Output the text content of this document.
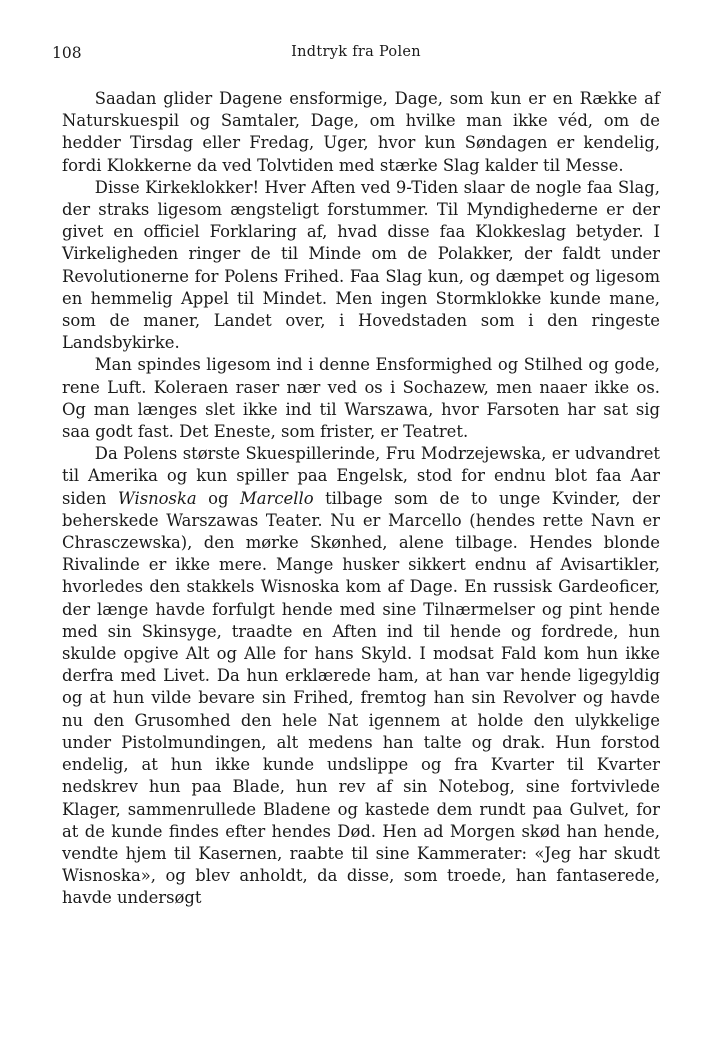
108	Indtryk fra Polen

Saadan glider Dagene ensformige, Dage, som kun er en Række af Naturskuespil og Samtaler, Dage, om hvilke man ikke véd, om de hedder Tirsdag eller Fredag, Uger, hvor kun Søndagen er kendelig, fordi Klokkerne da ved Tolvtiden med stærke Slag kalder til Messe.

Disse Kirkeklokker! Hver Aften ved 9-Tiden slaar de nogle faa Slag, der straks ligesom ængsteligt forstummer. Til Myndighederne er der givet en officiel Forklaring af, hvad disse faa Klokkeslag betyder. I Virkeligheden ringer de til Minde om de Polakker, der faldt under Revolutionerne for Polens Frihed. Faa Slag kun, og dæmpet og ligesom en hemmelig Appel til Mindet. Men ingen Stormklokke kunde mane, som de maner, Landet over, i Hovedstaden som i den ringeste Landsbykirke.

Man spindes ligesom ind i denne Ensformighed og Stilhed og gode, rene Luft. Koleraen raser nær ved os i Sochazew, men naaer ikke os. Og man længes slet ikke ind til Warszawa, hvor Farsoten har sat sig saa godt fast. Det Eneste, som frister, er Teatret.

Da Polens største Skuespillerinde, Fru Modrzejewska, er udvandret til Amerika og kun spiller paa Engelsk, stod for endnu blot faa Aar siden Wisnoska og Marcello tilbage som de to unge Kvinder, der beherskede Warszawas Teater. Nu er Marcello (hendes rette Navn er Chrasczewska), den mørke Skønhed, alene tilbage. Hendes blonde Rivalinde er ikke mere. Mange husker sikkert endnu af Avisartikler, hvorledes den stakkels Wisnoska kom af Dage. En russisk Gardeoficer, der længe havde forfulgt hende med sine Tilnærmelser og pint hende med sin Skinsyge, traadte en Aften ind til hende og fordrede, hun skulde opgive Alt og Alle for hans Skyld. I modsat Fald kom hun ikke derfra med Livet. Da hun erklærede ham, at han var hende ligegyldig og at hun vilde bevare sin Frihed, fremtog han sin Revolver og havde nu den Grusomhed den hele Nat igennem at holde den ulykkelige under Pistolmundingen, alt medens han talte og drak. Hun forstod endelig, at hun ikke kunde undslippe og fra Kvarter til Kvarter nedskrev hun paa Blade, hun rev af sin Notebog, sine fortvivlede Klager, sammenrullede Bladene og kastede dem rundt paa Gulvet, for at de kunde findes efter hendes Død. Hen ad Morgen skød han hende, vendte hjem til Kasernen, raabte til sine Kammerater: «Jeg har skudt Wisnoska», og blev anholdt, da disse, som troede, han fantaserede, havde undersøgt
